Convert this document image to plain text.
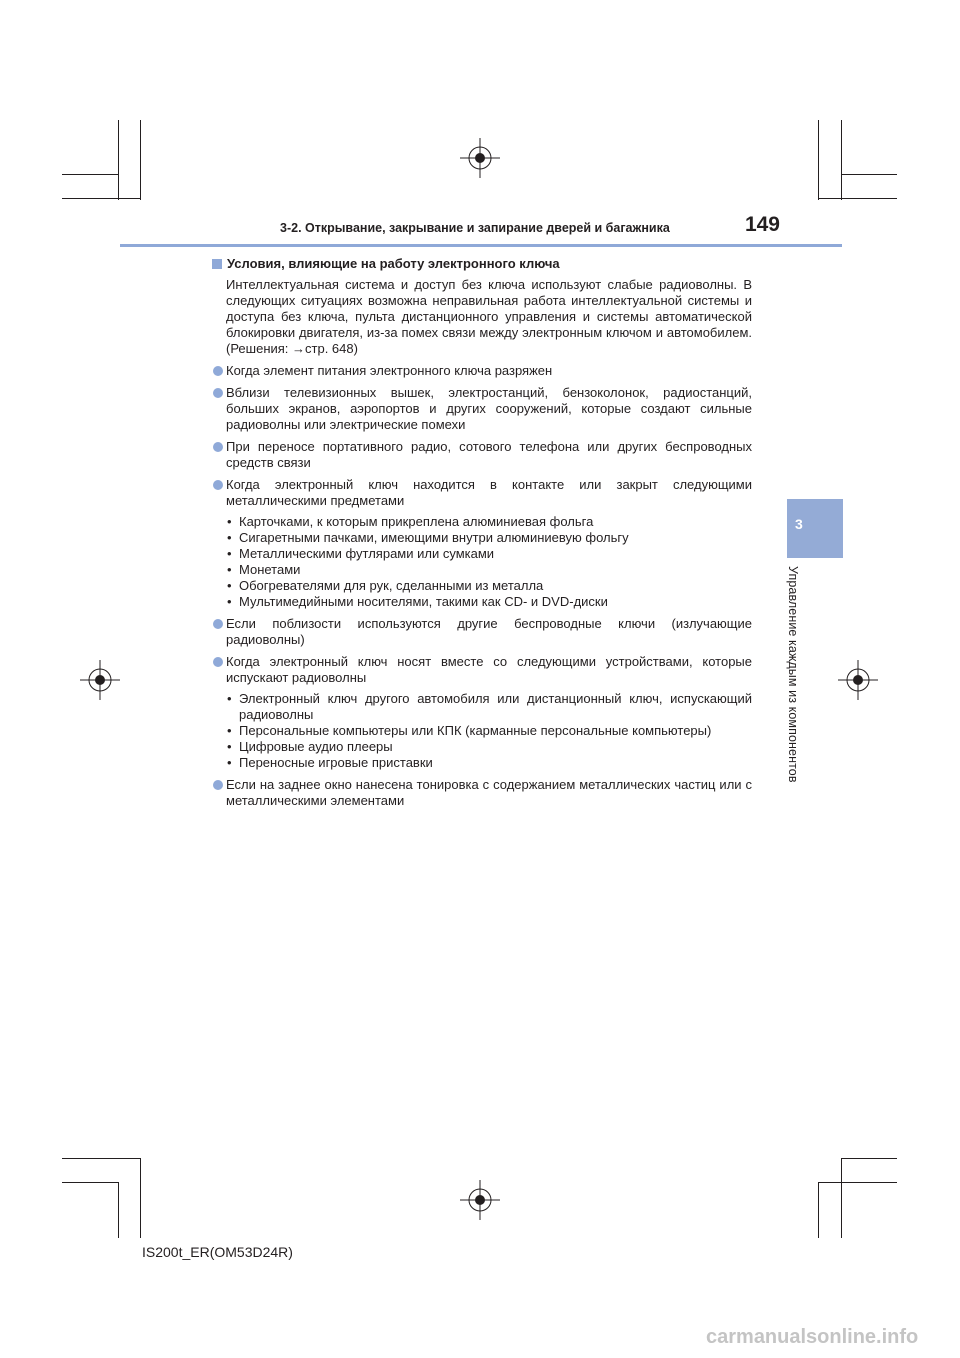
3-2. Открывание, закрывание и запирание дверей и багажника	149
3
Управление каждым из компонентов
Условия, влияющие на работу электронного ключа

Интеллектуальная система и доступ без ключа используют слабые радиоволны. В следующих ситуациях возможна неправильная работа интеллектуальной системы и доступа без ключа, пульта дистанционного управления и системы автоматической блокировки двигателя, из-за помех связи между электронным ключом и автомобилем. (Решения: →стр. 648)

Когда элемент питания электронного ключа разряжен
Вблизи телевизионных вышек, электростанций, бензоколонок, радиостанций, больших экранов, аэропортов и других сооружений, которые создают сильные радиоволны или электрические помехи
При переносе портативного радио, сотового телефона или других беспроводных средств связи
Когда электронный ключ находится в контакте или закрыт следующими металлическими предметами
• Карточками, к которым прикреплена алюминиевая фольга
• Сигаретными пачками, имеющими внутри алюминиевую фольгу
• Металлическими футлярами или сумками
• Монетами
• Обогревателями для рук, сделанными из металла
• Мультимедийными носителями, такими как CD- и DVD-диски
Если поблизости используются другие беспроводные ключи (излучающие радиоволны)
Когда электронный ключ носят вместе со следующими устройствами, которые испускают радиоволны
• Электронный ключ другого автомобиля или дистанционный ключ, испускающий радиоволны
• Персональные компьютеры или КПК (карманные персональные компьютеры)
• Цифровые аудио плееры
• Переносные игровые приставки
Если на заднее окно нанесена тонировка с содержанием металлических частиц или с металлическими элементами
IS200t_ER(OM53D24R)
carmanualsonline.info
